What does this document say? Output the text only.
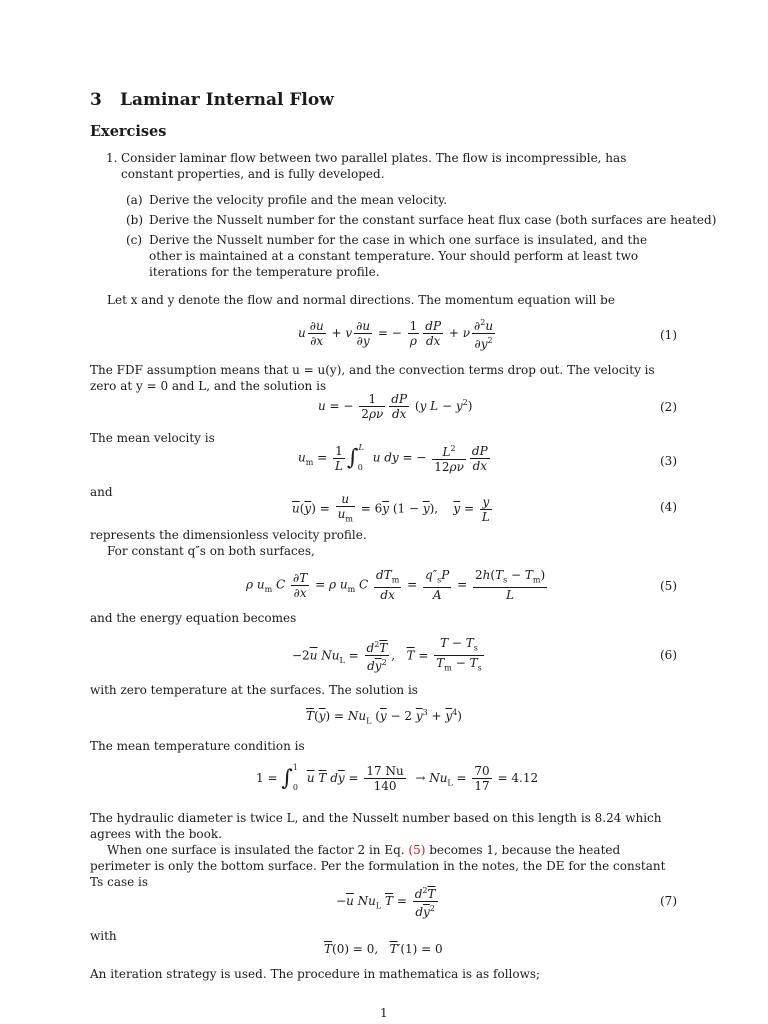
3 Laminar Internal Flow
Exercises
1. Consider laminar flow between two parallel plates. The flow is incompressible, has constant properties, and is fully developed.
(a) Derive the velocity profile and the mean velocity.
(b) Derive the Nusselt number for the constant surface heat flux case (both surfaces are heated)
(c) Derive the Nusselt number for the case in which one surface is insulated, and the other is maintained at a constant temperature. Your should perform at least two iterations for the temperature profile.
Let x and y denote the flow and normal directions. The momentum equation will be
u $\frac{\partial u}{\partial x} + v \frac{\partial u}{\partial y}$ = − $\frac{1}{\rho} \frac{dP}{dx} + \nu \frac{\partial^2u}{\partial y^2}$	(1)
The FDF assumption means that u = u(y), and the convection terms drop out. The velocity is zero at y = 0 and L, and the solution is
u = − $\frac{1}{2\rho\nu} \frac{dP}{dx} (y$ $L - y^2$)	(2)
The mean velocity is
$u_m = \frac{1}{L} \int^L_0$ u dy = − $\frac{L^2}{12\rho\nu} \frac{dP}{dx}$	(3)
and
$\overline{u}(\overline{y}) = \frac{u}{u_m} = 6\overline{y}$ $(1 - \overline{y})$,    $\overline{y} = \frac{y}{L}$	(4)
represents the dimensionless velocity profile.
For constant q″s on both surfaces,
ρ $u_m$ C $\frac{\partial T}{\partial x} = \rho$ $u_m$ C $\frac{dT_m}{dx} = \frac{q''_sP}{A} = \frac{2h(T_s - T_m)}{L}$	(5)
and the energy equation becomes
$-2\overline{u}$ $Nu_L = \frac{d^2\overline{T}}{d\overline{y}^2}$ ,   $\overline{T} = \frac{T - T_s}{T_m - T_s}$	(6)
with zero temperature at the surfaces. The solution is
$\overline{T}(\overline{y}) = Nu_L$ ($\overline{y} - 2$ $\overline{y}^3 + \overline{y}^4$)
The mean temperature condition is
1 = ∫$^1_0$ $\overline{u}$ $\overline{T}$ $d\overline{y} = \frac{17 Nu}{140} \to Nu_L = \frac{70}{17} = 4.12$
The hydraulic diameter is twice L, and the Nusselt number based on this length is 8.24 which agrees with the book.
When one surface is insulated the factor 2 in Eq. (5) becomes 1, because the heated perimeter is only the bottom surface. Per the formulation in the notes, the DE for the constant Ts case is
$-\overline{u}$ $Nu_L$ $\overline{T} = \frac{d^2\overline{T}}{d\overline{y}^2}$	(7)
with
$\overline{T}(0) = 0$,   $\overline{T}'(1) = 0$
An iteration strategy is used. The procedure in mathematica is as follows;
1
